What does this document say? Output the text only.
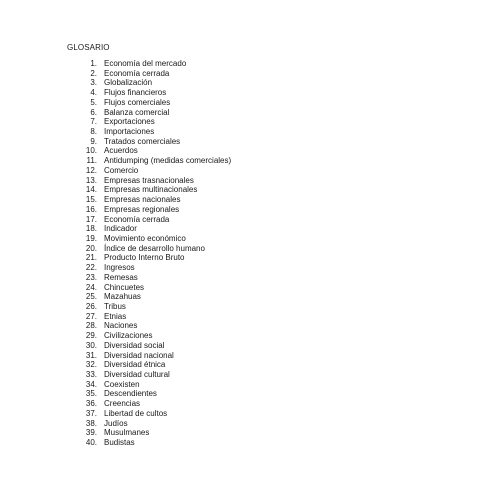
GLOSARIO
1. Economía del mercado
2. Economía cerrada
3. Globalización
4. Flujos financieros
5. Flujos comerciales
6. Balanza comercial
7. Exportaciones
8. Importaciones
9. Tratados comerciales
10. Acuerdos
11. Antidumping (medidas comerciales)
12. Comercio
13. Empresas trasnacionales
14. Empresas multinacionales
15. Empresas nacionales
16. Empresas regionales
17. Economía cerrada
18. Indicador
19. Movimiento económico
20. Índice de desarrollo humano
21. Producto Interno Bruto
22. Ingresos
23. Remesas
24. Chincuetes
25. Mazahuas
26. Tribus
27. Etnias
28. Naciones
29. Civilizaciones
30. Diversidad social
31. Diversidad nacional
32. Diversidad étnica
33. Diversidad cultural
34. Coexisten
35. Descendientes
36. Creencias
37. Libertad de cultos
38. Judíos
39. Musulmanes
40. Budistas
